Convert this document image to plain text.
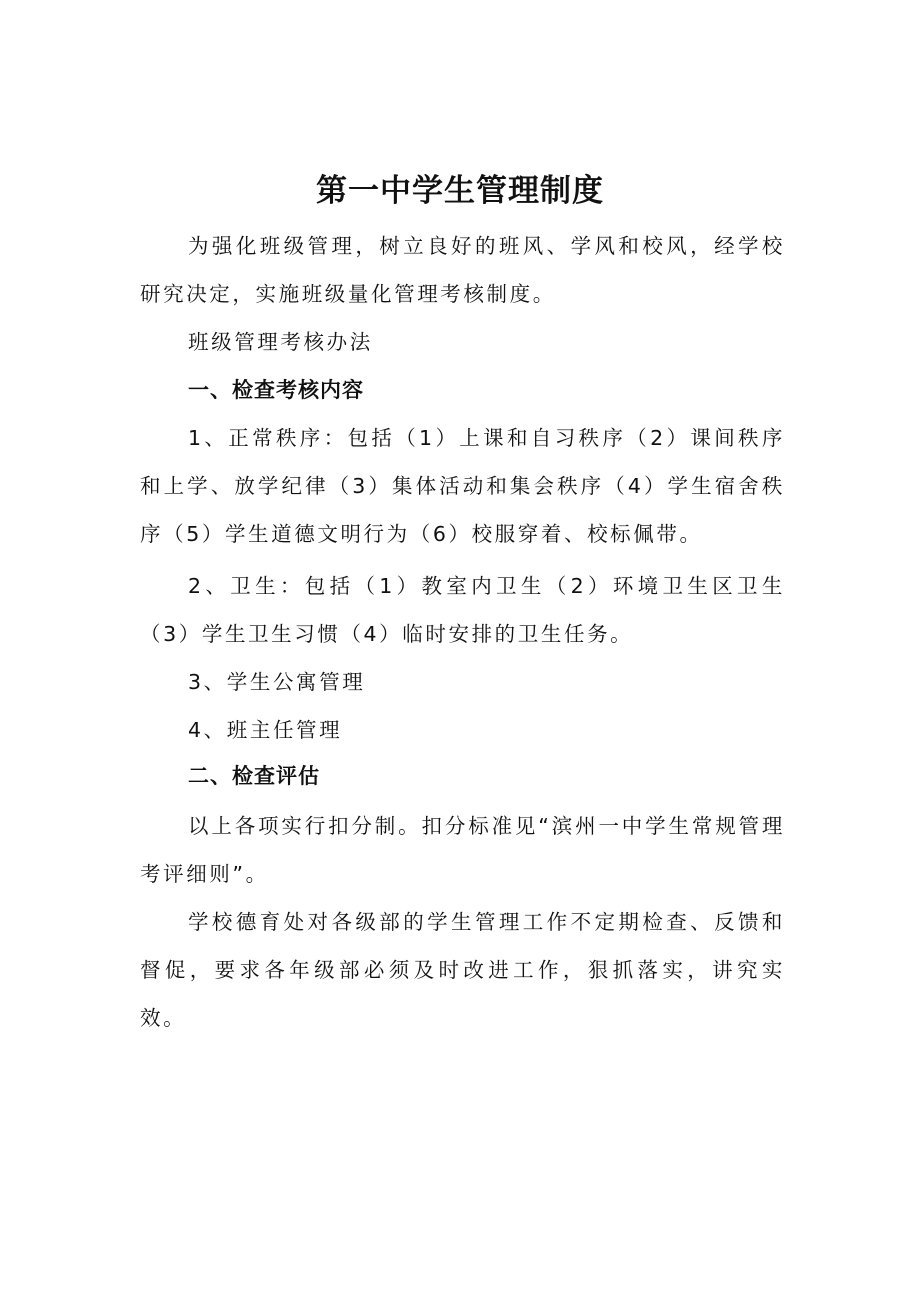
第一中学生管理制度

为强化班级管理，树立良好的班风、学风和校风，经学校研究决定，实施班级量化管理考核制度。

班级管理考核办法

一、检查考核内容

1、正常秩序：包括（1）上课和自习秩序（2）课间秩序和上学、放学纪律（3）集体活动和集会秩序（4）学生宿舍秩序（5）学生道德文明行为（6）校服穿着、校标佩带。

2、卫生：包括（1）教室内卫生（2）环境卫生区卫生（3）学生卫生习惯（4）临时安排的卫生任务。

3、学生公寓管理

4、班主任管理

二、检查评估

以上各项实行扣分制。扣分标准见“滨州一中学生常规管理考评细则”。

学校德育处对各级部的学生管理工作不定期检查、反馈和督促，要求各年级部必须及时改进工作，狠抓落实，讲究实效。
